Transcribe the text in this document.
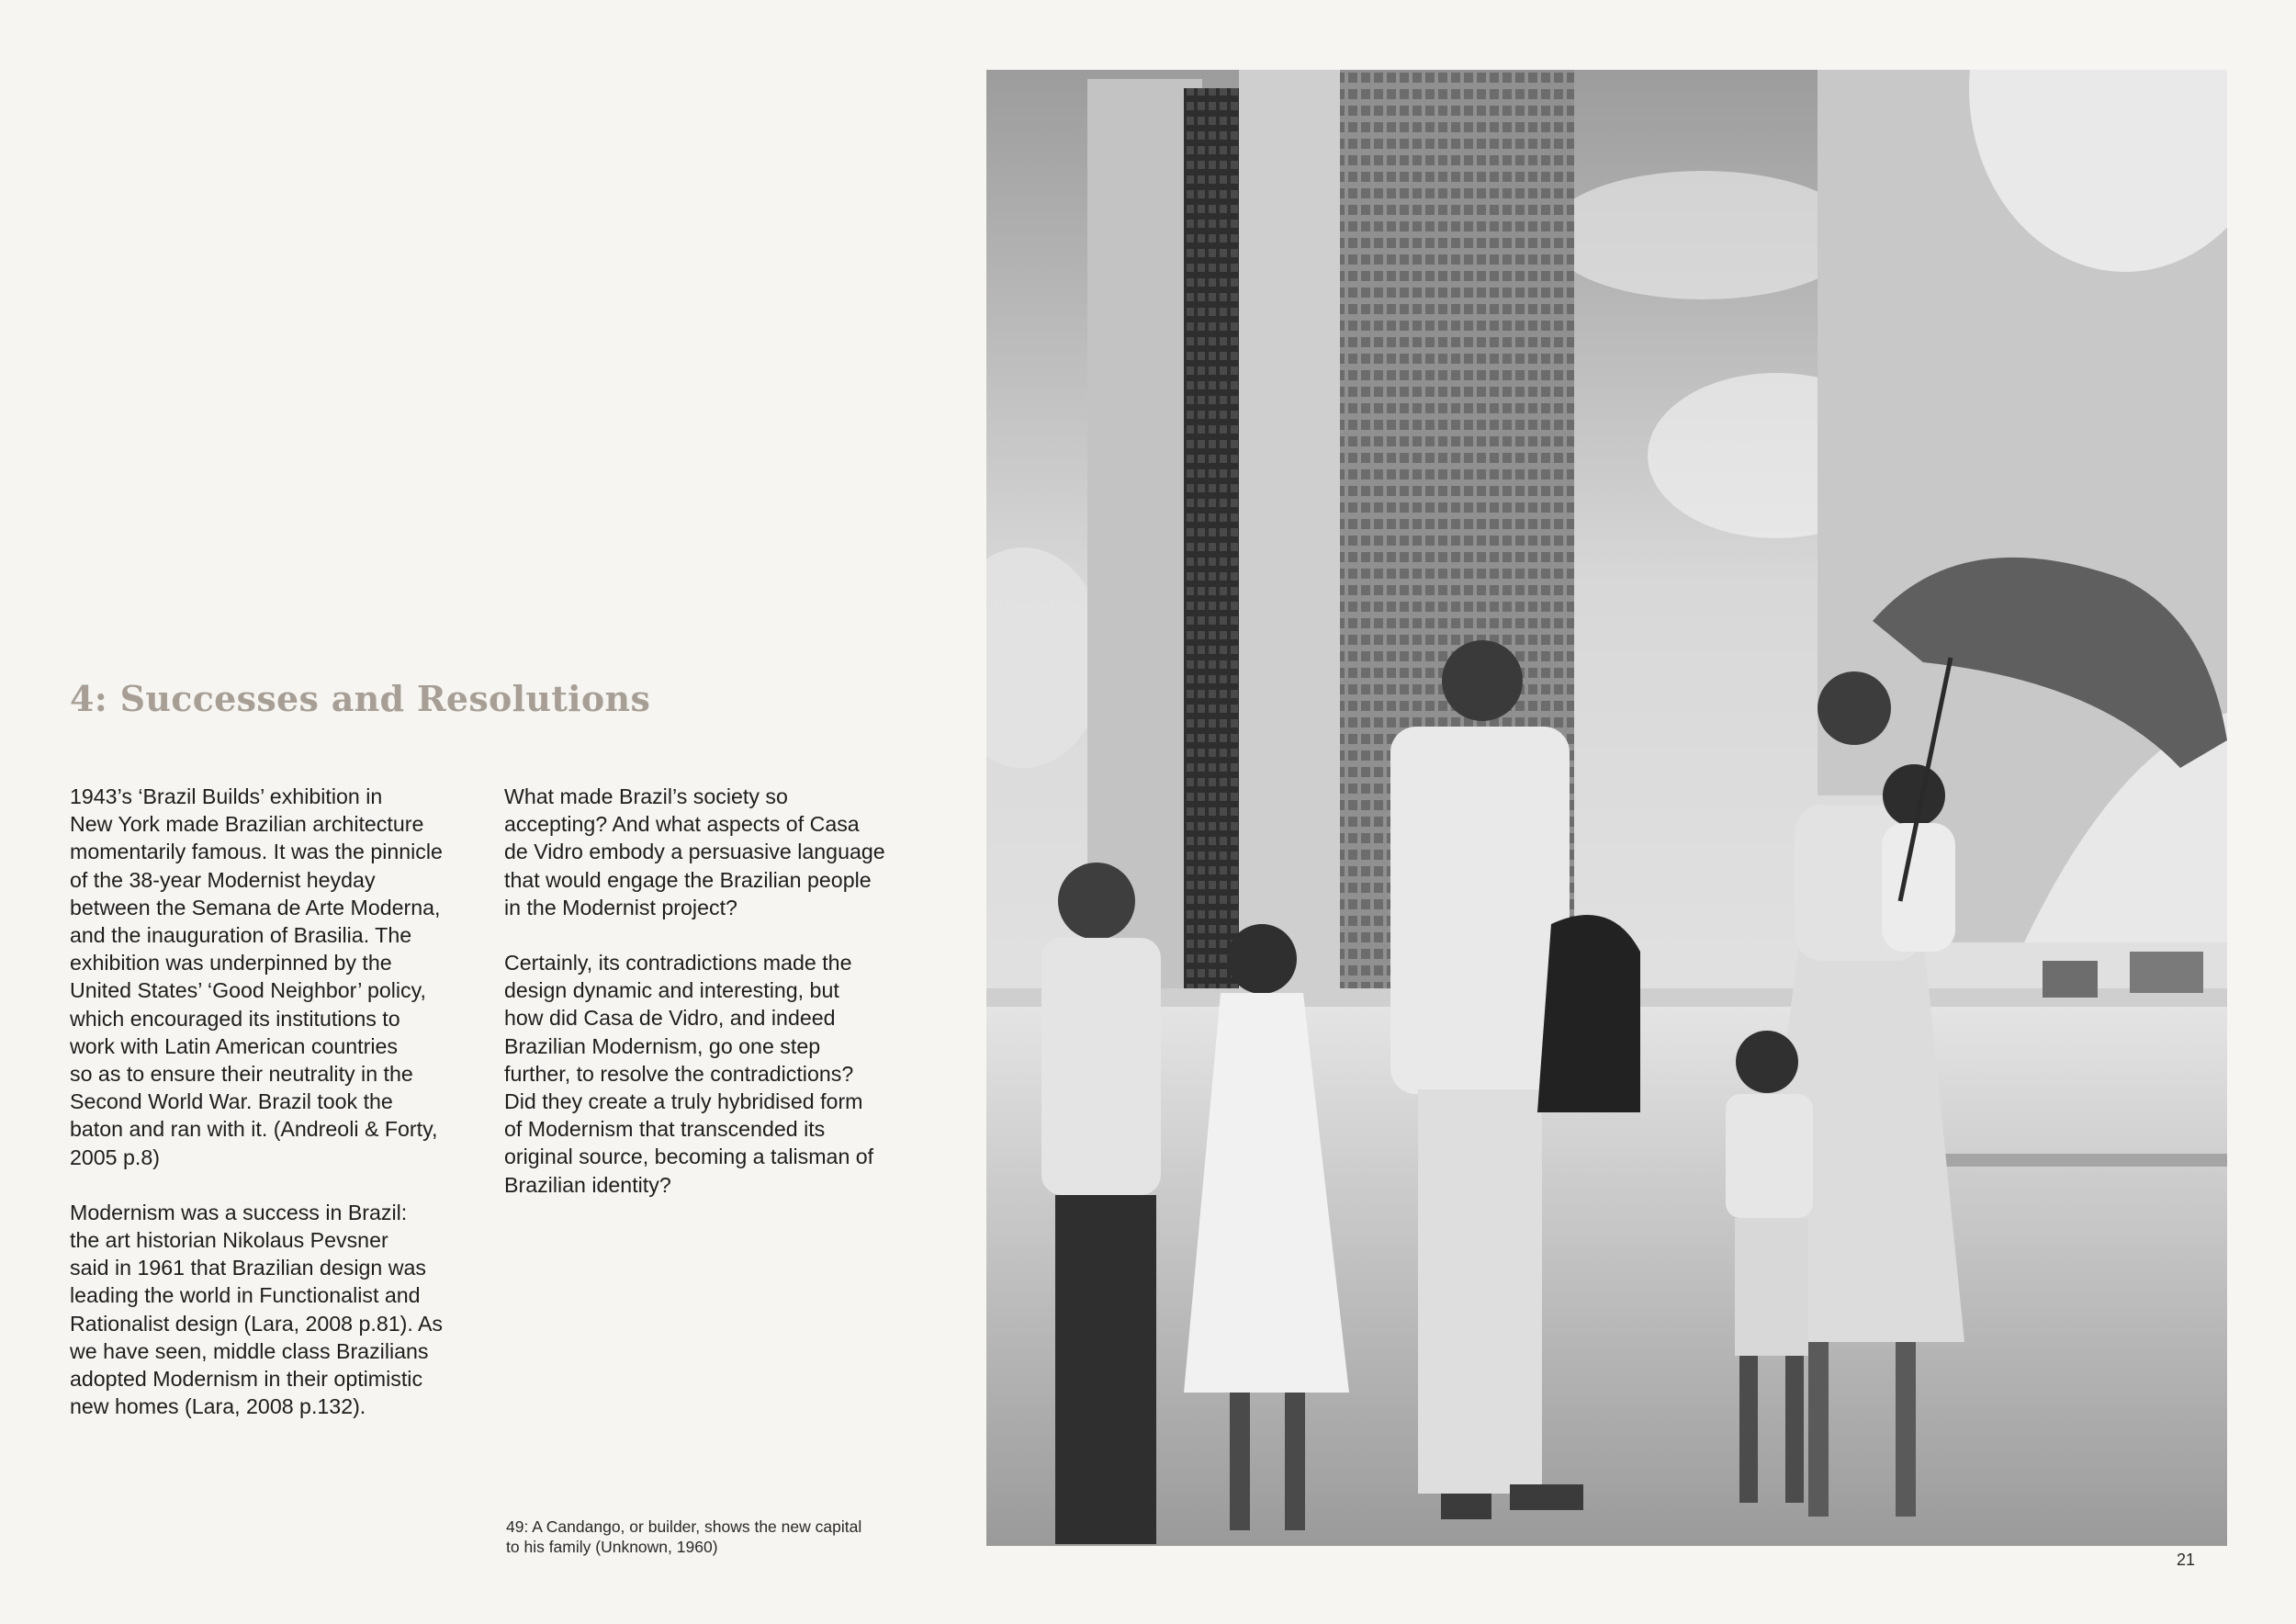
4: Successes and Resolutions

1943’s ‘Brazil Builds’ exhibition in
New York made Brazilian architecture
momentarily famous. It was the pinnicle
of the 38-year Modernist heyday
between the Semana de Arte Moderna,
and the inauguration of Brasilia. The
exhibition was underpinned by the
United States’ ‘Good Neighbor’ policy,
which encouraged its institutions to
work with Latin American countries
so as to ensure their neutrality in the
Second World War. Brazil took the
baton and ran with it. (Andreoli & Forty,
2005 p.8)

Modernism was a success in Brazil:
the art historian Nikolaus Pevsner
said in 1961 that Brazilian design was
leading the world in Functionalist and
Rationalist design (Lara, 2008 p.81). As
we have seen, middle class Brazilians
adopted Modernism in their optimistic
new homes (Lara, 2008 p.132).

What made Brazil’s society so
accepting? And what aspects of Casa
de Vidro embody a persuasive language
that would engage the Brazilian people
in the Modernist project?

Certainly, its contradictions made the
design dynamic and interesting, but
how did Casa de Vidro, and indeed
Brazilian Modernism, go one step
further, to resolve the contradictions?
Did they create a truly hybridised form
of Modernism that transcended its
original source, becoming a talisman of
Brazilian identity?

49: A Candango, or builder, shows the new capital
to his family (Unknown, 1960)
21
